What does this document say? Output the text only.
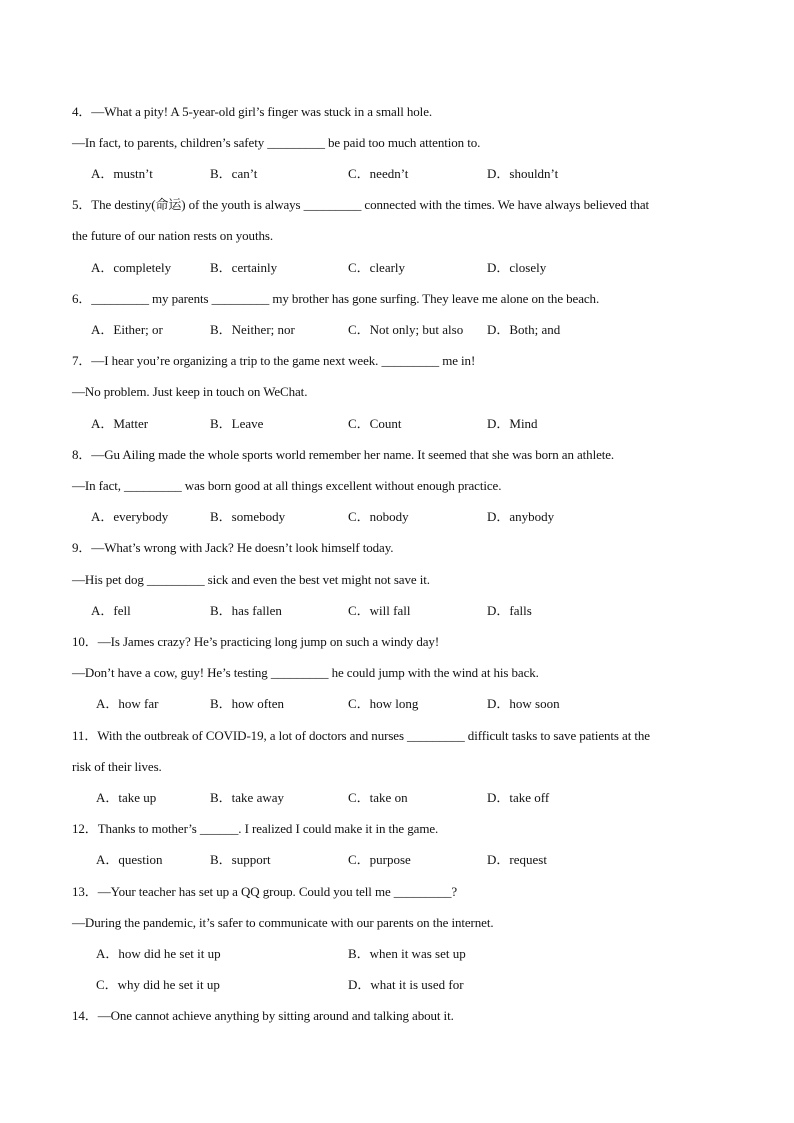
4．—What a pity! A 5-year-old girl’s finger was stuck in a small hole.
—In fact, to parents, children’s safety _________ be paid too much attention to.
A．mustn’t	B．can’t	C．needn’t	D．shouldn’t
5．The destiny(命运) of the youth is always _________ connected with the times. We have always believed that
the future of our nation rests on youths.
A．completely	B．certainly	C．clearly	D．closely
6．_________ my parents _________ my brother has gone surfing. They leave me alone on the beach.
A．Either; or	B．Neither; nor	C．Not only; but also D．Both; and
7．—I hear you’re organizing a trip to the game next week. _________ me in!
—No problem. Just keep in touch on WeChat.
A．Matter	B．Leave	C．Count	D．Mind
8．—Gu Ailing made the whole sports world remember her name. It seemed that she was born an athlete.
—In fact, _________ was born good at all things excellent without enough practice.
A．everybody	B．somebody	C．nobody	D．anybody
9．—What’s wrong with Jack? He doesn’t look himself today.
—His pet dog _________ sick and even the best vet might not save it.
A．fell	B．has fallen	C．will fall	D．falls
10．—Is James crazy? He’s practicing long jump on such a windy day!
—Don’t have a cow, guy! He’s testing _________ he could jump with the wind at his back.
A．how far	B．how often	C．how long	D．how soon
11．With the outbreak of COVID-19, a lot of doctors and nurses _________ difficult tasks to save patients at the
risk of their lives.
A．take up	B．take away	C．take on	D．take off
12．Thanks to mother’s ______. I realized I could make it in the game.
A．question	B．support	C．purpose	D．request
13．—Your teacher has set up a QQ group. Could you tell me _________?
—During the pandemic, it’s safer to communicate with our parents on the internet.
A．how did he set it up	B．when it was set up
C．why did he set it up	D．what it is used for
14．—One cannot achieve anything by sitting around and talking about it.
